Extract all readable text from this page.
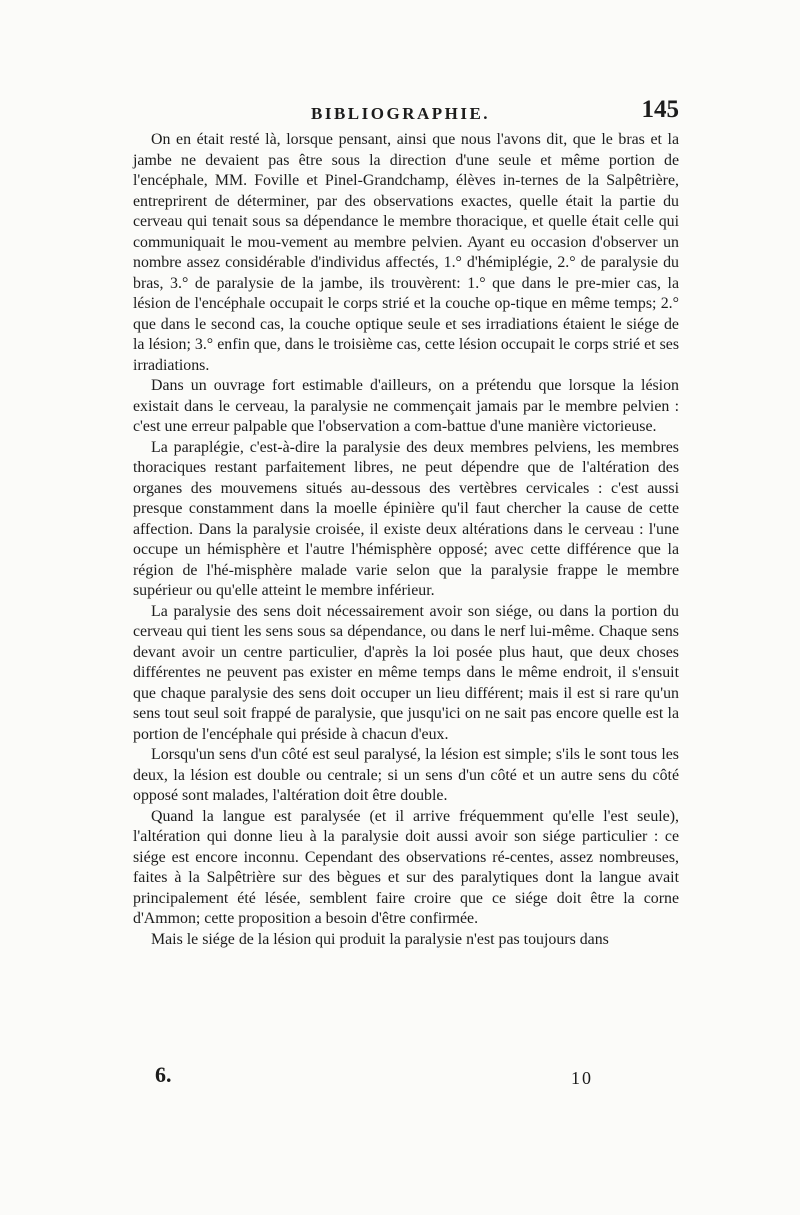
BIBLIOGRAPHIE.	145

On en était resté là, lorsque pensant, ainsi que nous l'avons dit, que le bras et la jambe ne devaient pas être sous la direction d'une seule et même portion de l'encéphale, MM. Foville et Pinel-Grandchamp, élèves in-ternes de la Salpêtrière, entreprirent de déterminer, par des observations exactes, quelle était la partie du cerveau qui tenait sous sa dépendance le membre thoracique, et quelle était celle qui communiquait le mou-vement au membre pelvien. Ayant eu occasion d'observer un nombre assez considérable d'individus affectés, 1.° d'hémiplégie, 2.° de paralysie du bras, 3.° de paralysie de la jambe, ils trouvèrent: 1.° que dans le pre-mier cas, la lésion de l'encéphale occupait le corps strié et la couche op-tique en même temps; 2.° que dans le second cas, la couche optique seule et ses irradiations étaient le siége de la lésion; 3.° enfin que, dans le troisième cas, cette lésion occupait le corps strié et ses irradiations.

Dans un ouvrage fort estimable d'ailleurs, on a prétendu que lorsque la lésion existait dans le cerveau, la paralysie ne commençait jamais par le membre pelvien : c'est une erreur palpable que l'observation a com-battue d'une manière victorieuse.

La paraplégie, c'est-à-dire la paralysie des deux membres pelviens, les membres thoraciques restant parfaitement libres, ne peut dépendre que de l'altération des organes des mouvemens situés au-dessous des vertèbres cervicales : c'est aussi presque constamment dans la moelle épinière qu'il faut chercher la cause de cette affection. Dans la paralysie croisée, il existe deux altérations dans le cerveau : l'une occupe un hémisphère et l'autre l'hémisphère opposé; avec cette différence que la région de l'hé-misphère malade varie selon que la paralysie frappe le membre supérieur ou qu'elle atteint le membre inférieur.

La paralysie des sens doit nécessairement avoir son siége, ou dans la portion du cerveau qui tient les sens sous sa dépendance, ou dans le nerf lui-même. Chaque sens devant avoir un centre particulier, d'après la loi posée plus haut, que deux choses différentes ne peuvent pas exister en même temps dans le même endroit, il s'ensuit que chaque paralysie des sens doit occuper un lieu différent; mais il est si rare qu'un sens tout seul soit frappé de paralysie, que jusqu'ici on ne sait pas encore quelle est la portion de l'encéphale qui préside à chacun d'eux.

Lorsqu'un sens d'un côté est seul paralysé, la lésion est simple; s'ils le sont tous les deux, la lésion est double ou centrale; si un sens d'un côté et un autre sens du côté opposé sont malades, l'altération doit être double.

Quand la langue est paralysée (et il arrive fréquemment qu'elle l'est seule), l'altération qui donne lieu à la paralysie doit aussi avoir son siége particulier : ce siége est encore inconnu. Cependant des observations ré-centes, assez nombreuses, faites à la Salpêtrière sur des bègues et sur des paralytiques dont la langue avait principalement été lésée, semblent faire croire que ce siége doit être la corne d'Ammon; cette proposition a besoin d'être confirmée.

Mais le siége de la lésion qui produit la paralysie n'est pas toujours dans

6.	10
